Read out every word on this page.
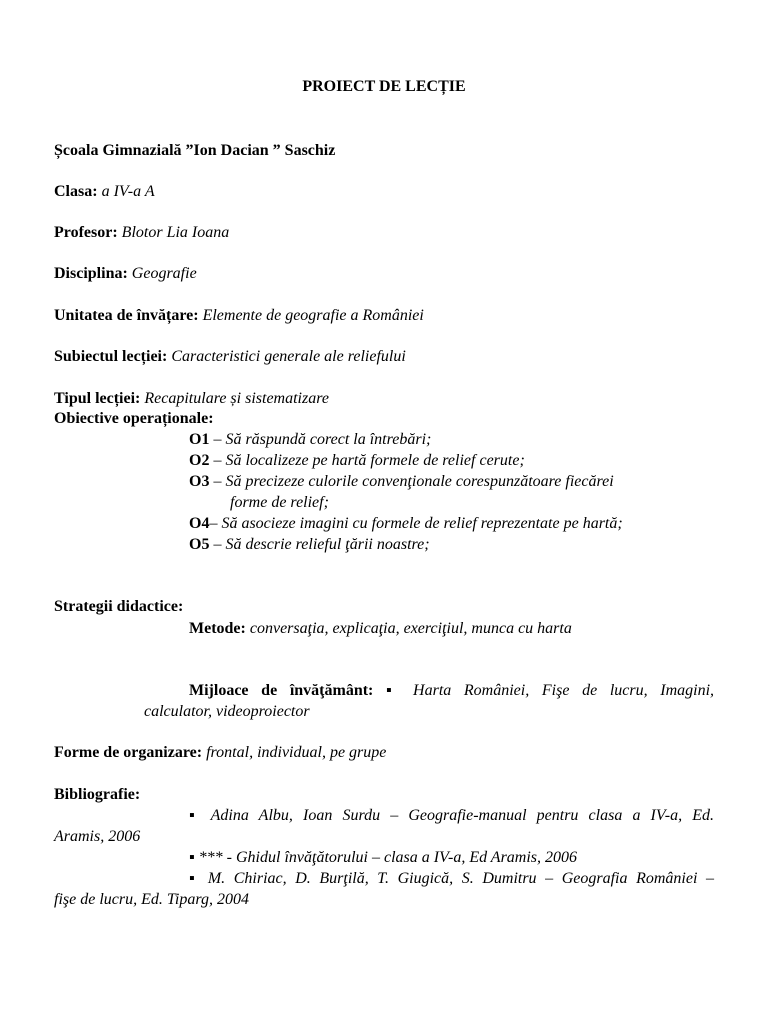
PROIECT DE LECȚIE
Școala Gimnazială ”Ion Dacian ” Saschiz
Clasa: a IV-a A
Profesor: Blotor Lia Ioana
Disciplina: Geografie
Unitatea de învățare: Elemente de geografie a României
Subiectul lecției: Caracteristici generale ale reliefului
Tipul lecției: Recapitulare și sistematizare
Obiective operaționale:
O1 – Să răspundă corect la întrebări;
O2 – Să localizeze pe hartă formele de relief cerute;
O3 – Să precizeze culorile convenţionale corespunzătoare fiecărei
forme de relief;
O4– Să asocieze imagini cu formele de relief reprezentate pe hartă;
O5 – Să descrie relieful ţării noastre;
Strategii didactice:
Metode: conversaţia, explicaţia, exerciţiul, munca cu harta
Mijloace de învăţământ: ▪ Harta României, Fişe de lucru, Imagini,
calculator, videoproiector
Forme de organizare: frontal, individual, pe grupe
Bibliografie:
▪ Adina Albu, Ioan Surdu – Geografie-manual pentru clasa a IV-a, Ed.
Aramis, 2006
▪ *** - Ghidul învăţătorului – clasa a IV-a, Ed Aramis, 2006
▪ M. Chiriac, D. Burţilă, T. Giugică, S. Dumitru – Geografia României –
fişe de lucru, Ed. Tiparg, 2004
